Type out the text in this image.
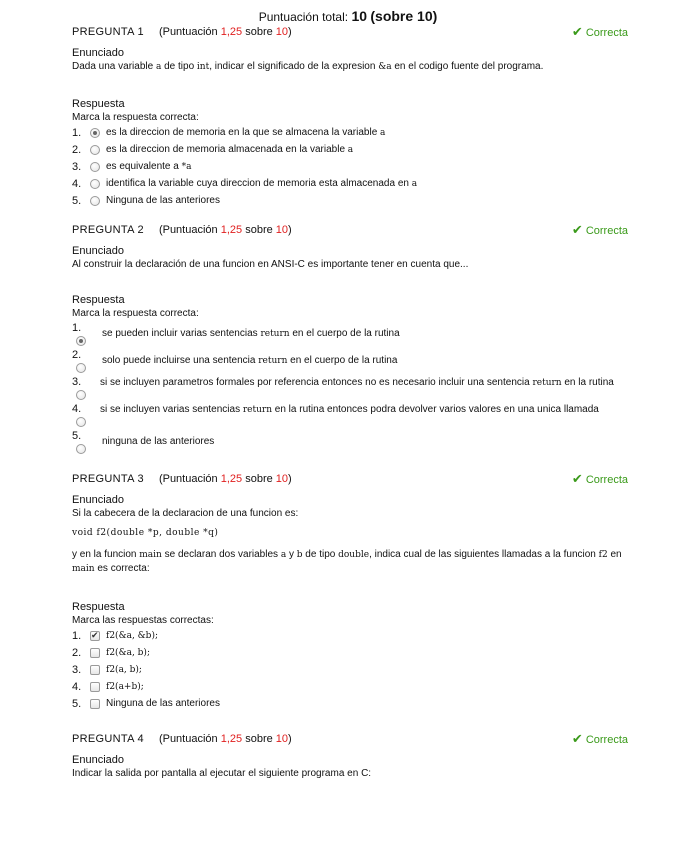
Puntuación total: 10 (sobre 10)
PREGUNTA 1 (Puntuación 1,25 sobre 10)	✔ Correcta
Enunciado
Dada una variable a de tipo int, indicar el significado de la expresion &a en el codigo fuente del programa.
Respuesta
Marca la respuesta correcta:
1. es la direccion de memoria en la que se almacena la variable a
2. es la direccion de memoria almacenada en la variable a
3. es equivalente a *a
4. identifica la variable cuya direccion de memoria esta almacenada en a
5. Ninguna de las anteriores
PREGUNTA 2 (Puntuación 1,25 sobre 10)	✔ Correcta
Enunciado
Al construir la declaración de una funcion en ANSI-C es importante tener en cuenta que...
Respuesta
Marca la respuesta correcta:
1. se pueden incluir varias sentencias return en el cuerpo de la rutina
2. solo puede incluirse una sentencia return en el cuerpo de la rutina
3. si se incluyen parametros formales por referencia entonces no es necesario incluir una sentencia return en la rutina
4. si se incluyen varias sentencias return en la rutina entonces podra devolver varios valores en una unica llamada
5. ninguna de las anteriores
PREGUNTA 3 (Puntuación 1,25 sobre 10)	✔ Correcta
Enunciado
Si la cabecera de la declaracion de una funcion es:
void f2(double *p, double *q)
y en la funcion main se declaran dos variables a y b de tipo double, indica cual de las siguientes llamadas a la funcion f2 en main es correcta:
Respuesta
Marca las respuestas correctas:
1.
✔	f2(&a, &b);
2.	f2(&a, b);
3.	f2(a, b);
4.	f2(a+b);
5. Ninguna de las anteriores
PREGUNTA 4 (Puntuación 1,25 sobre 10)	✔ Correcta
Enunciado
Indicar la salida por pantalla al ejecutar el siguiente programa en C:
